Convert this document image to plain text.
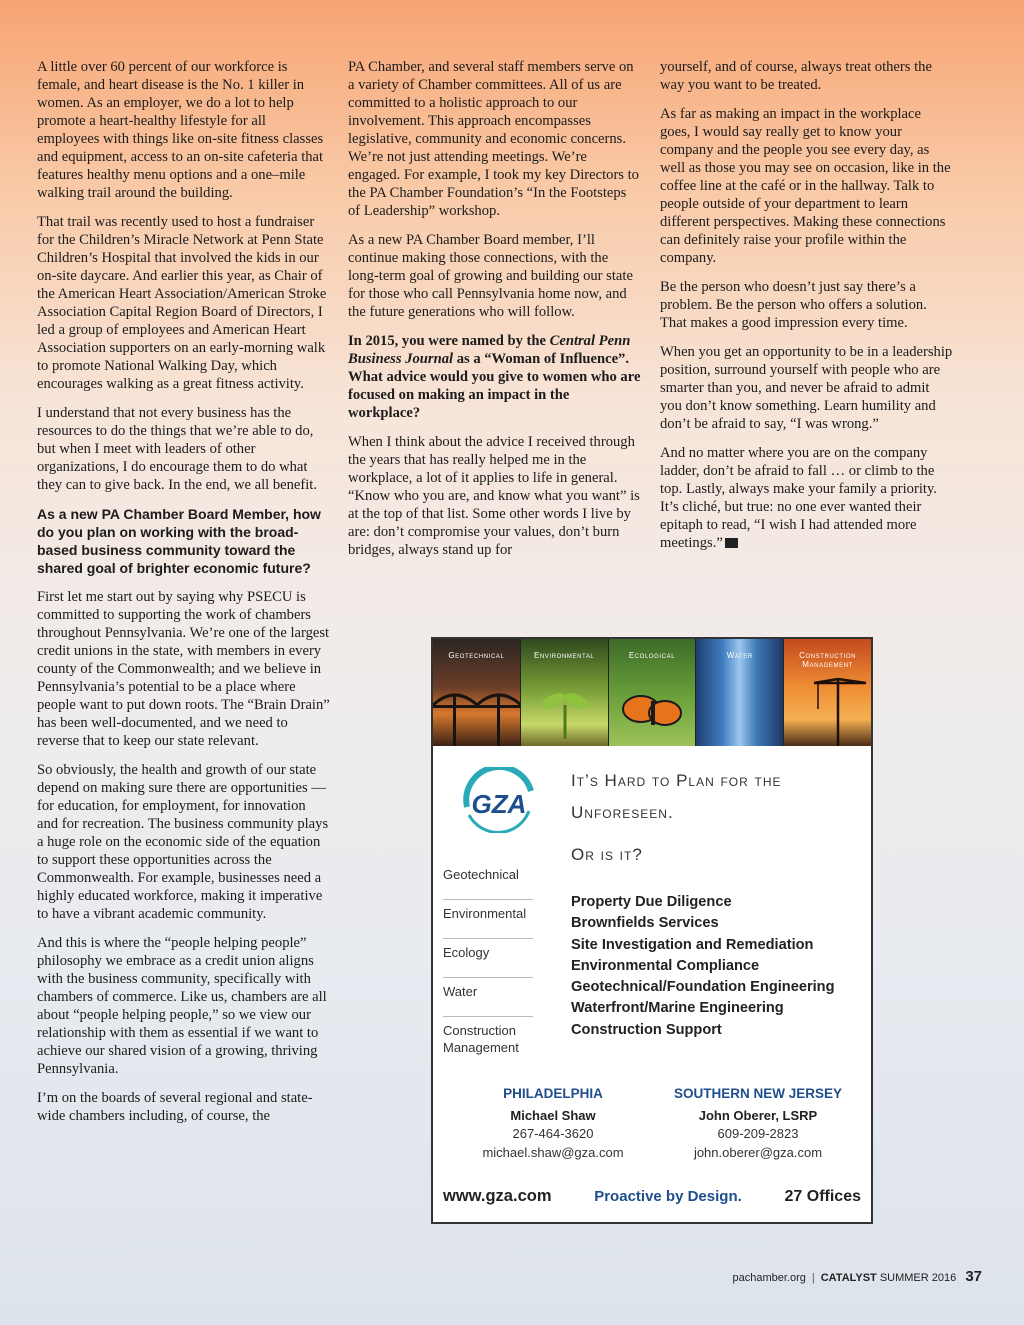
A little over 60 percent of our workforce is female, and heart disease is the No. 1 killer in women. As an employer, we do a lot to help promote a heart-healthy lifestyle for all employees with things like on-site fitness classes and equipment, access to an on-site cafeteria that features healthy menu options and a one–mile walking trail around the building.

That trail was recently used to host a fundraiser for the Children’s Miracle Network at Penn State Children’s Hospital that involved the kids in our on-site daycare. And earlier this year, as Chair of the American Heart Association/American Stroke Association Capital Region Board of Directors, I led a group of employees and American Heart Association supporters on an early-morning walk to promote National Walking Day, which encourages walking as a great fitness activity.

I understand that not every business has the resources to do the things that we’re able to do, but when I meet with leaders of other organizations, I do encourage them to do what they can to give back. In the end, we all benefit.

As a new PA Chamber Board Member, how do you plan on working with the broad-based business community toward the shared goal of brighter economic future?

First let me start out by saying why PSECU is committed to supporting the work of chambers throughout Pennsylvania. We’re one of the largest credit unions in the state, with members in every county of the Commonwealth; and we believe in Pennsylvania’s potential to be a place where people want to put down roots. The “Brain Drain” has been well-documented, and we need to reverse that to keep our state relevant.

So obviously, the health and growth of our state depend on making sure there are opportunities — for education, for employment, for innovation and for recreation. The business community plays a huge role on the economic side of the equation to support these opportunities across the Commonwealth. For example, businesses need a highly educated workforce, making it imperative to have a vibrant academic community.

And this is where the “people helping people” philosophy we embrace as a credit union aligns with the business community, specifically with chambers of commerce. Like us, chambers are all about “people helping people,” so we view our relationship with them as essential if we want to achieve our shared vision of a growing, thriving Pennsylvania.

I’m on the boards of several regional and state-wide chambers including, of course, the

PA Chamber, and several staff members serve on a variety of Chamber committees. All of us are committed to a holistic approach to our involvement. This approach encompasses legislative, community and economic concerns. We’re not just attending meetings. We’re engaged. For example, I took my key Directors to the PA Chamber Foundation’s “In the Footsteps of Leadership” workshop.

As a new PA Chamber Board member, I’ll continue making those connections, with the long-term goal of growing and building our state for those who call Pennsylvania home now, and the future generations who will follow.

In 2015, you were named by the Central Penn Business Journal as a “Woman of Influence”. What advice would you give to women who are focused on making an impact in the workplace?

When I think about the advice I received through the years that has really helped me in the workplace, a lot of it applies to life in general. “Know who you are, and know what you want” is at the top of that list. Some other words I live by are: don’t compromise your values, don’t burn bridges, always stand up for

yourself, and of course, always treat others the way you want to be treated.

As far as making an impact in the workplace goes, I would say really get to know your company and the people you see every day, as well as those you may see on occasion, like in the coffee line at the café or in the hallway. Talk to people outside of your department to learn different perspectives. Making these connections can definitely raise your profile within the company.

Be the person who doesn’t just say there’s a problem. Be the person who offers a solution. That makes a good impression every time.

When you get an opportunity to be in a leadership position, surround yourself with people who are smarter than you, and never be afraid to admit you don’t know something. Learn humility and don’t be afraid to say, “I was wrong.”

And no matter where you are on the company ladder, don’t be afraid to fall … or climb to the top. Lastly, always make your family a priority. It’s cliché, but true: no one ever wanted their epitaph to read, “I wish I had attended more meetings.”

Geotechnical	Environmental	Ecological	Water	Construction Management
GZA
It’s Hard to Plan for the Unforeseen.
Or is it?
Geotechnical
Environmental
Ecology
Water
Construction Management
Property Due Diligence
Brownfields Services
Site Investigation and Remediation
Environmental Compliance
Geotechnical/Foundation Engineering
Waterfront/Marine Engineering
Construction Support
PHILADELPHIA
Michael Shaw
267-464-3620
michael.shaw@gza.com
SOUTHERN NEW JERSEY
John Oberer, LSRP
609-209-2823
john.oberer@gza.com
www.gza.com	Proactive by Design.	27 Offices
pachamber.org | CATALYST SUMMER 2016 37
